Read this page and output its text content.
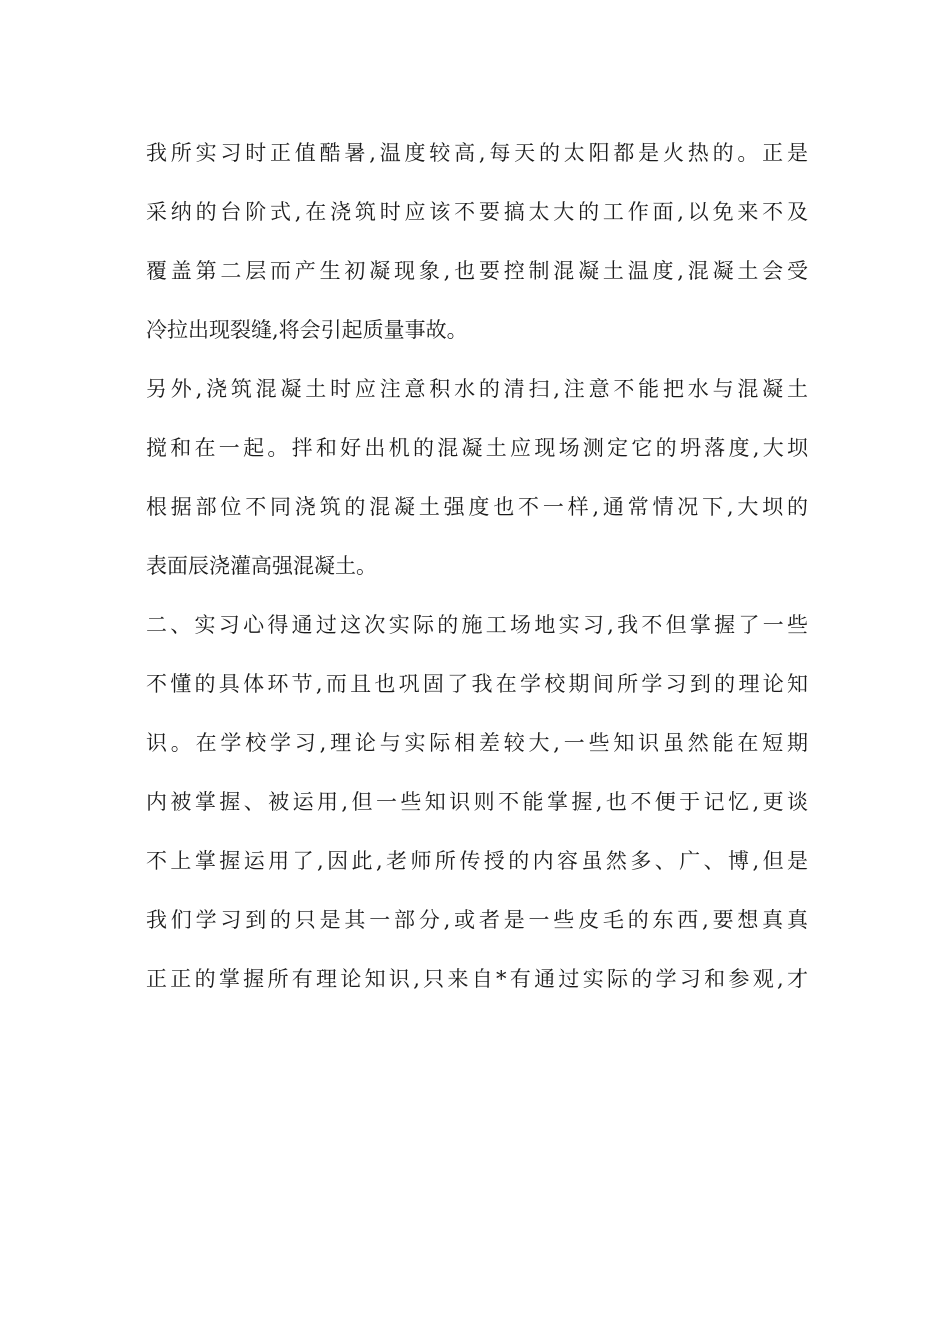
我所实习时正值酷暑,温度较高,每天的太阳都是火热的。正是
采纳的台阶式,在浇筑时应该不要搞太大的工作面,以免来不及
覆盖第二层而产生初凝现象,也要控制混凝土温度,混凝土会受
冷拉出现裂缝,将会引起质量事故。
另外,浇筑混凝土时应注意积水的清扫,注意不能把水与混凝土
搅和在一起。拌和好出机的混凝土应现场测定它的坍落度,大坝
根据部位不同浇筑的混凝土强度也不一样,通常情况下,大坝的
表面辰浇灌高强混凝土。
二、实习心得通过这次实际的施工场地实习,我不但掌握了一些
不懂的具体环节,而且也巩固了我在学校期间所学习到的理论知
识。在学校学习,理论与实际相差较大,一些知识虽然能在短期
内被掌握、被运用,但一些知识则不能掌握,也不便于记忆,更谈
不上掌握运用了,因此,老师所传授的内容虽然多、广、博,但是
我们学习到的只是其一部分,或者是一些皮毛的东西,要想真真
正正的掌握所有理论知识,只来自*有通过实际的学习和参观,才
